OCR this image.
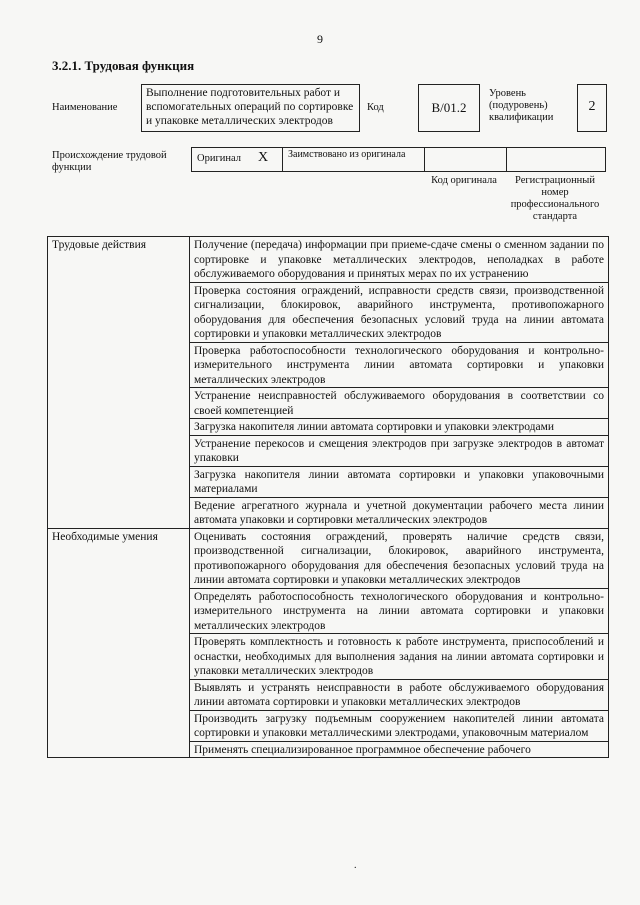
9
3.2.1. Трудовая функция
Наименование
Выполнение подготовительных работ и вспомогательных операций по сортировке и упаковке металлических электродов
Код	B/01.2
Уровень (подуровень) квалификации
2
Происхождение трудовой функции
Оригинал X	Заимствовано из оригинала
Код оригинала	Регистрационный номер профессионального стандарта
Трудовые действия	Получение (передача) информации при приеме-сдаче смены о сменном задании по сортировке и упаковке металлических электродов, неполадках в работе обслуживаемого оборудования и принятых мерах по их устранению
	Проверка состояния ограждений, исправности средств связи, производственной сигнализации, блокировок, аварийного инструмента, противопожарного оборудования для обеспечения безопасных условий труда на линии автомата сортировки и упаковки металлических электродов
	Проверка работоспособности технологического оборудования и контрольно-измерительного инструмента линии автомата сортировки и упаковки металлических электродов
	Устранение неисправностей обслуживаемого оборудования в соответствии со своей компетенцией
	Загрузка накопителя линии автомата сортировки и упаковки электродами
	Устранение перекосов и смещения электродов при загрузке электродов в автомат упаковки
	Загрузка накопителя линии автомата сортировки и упаковки упаковочными материалами
	Ведение агрегатного журнала и учетной документации рабочего места линии автомата упаковки и сортировки металлических электродов
Необходимые умения	Оценивать состояния ограждений, проверять наличие средств связи, производственной сигнализации, блокировок, аварийного инструмента, противопожарного оборудования для обеспечения безопасных условий труда на линии автомата сортировки и упаковки металлических электродов
	Определять работоспособность технологического оборудования и контрольно-измерительного инструмента на линии автомата сортировки и упаковки металлических электродов
	Проверять комплектность и готовность к работе инструмента, приспособлений и оснастки, необходимых для выполнения задания на линии автомата сортировки и упаковки металлических электродов
	Выявлять и устранять неисправности в работе обслуживаемого оборудования линии автомата сортировки и упаковки металлических электродов
	Производить загрузку подъемным сооружением накопителей линии автомата сортировки и упаковки металлическими электродами, упаковочным материалом
	Применять специализированное программное обеспечение рабочего
.
